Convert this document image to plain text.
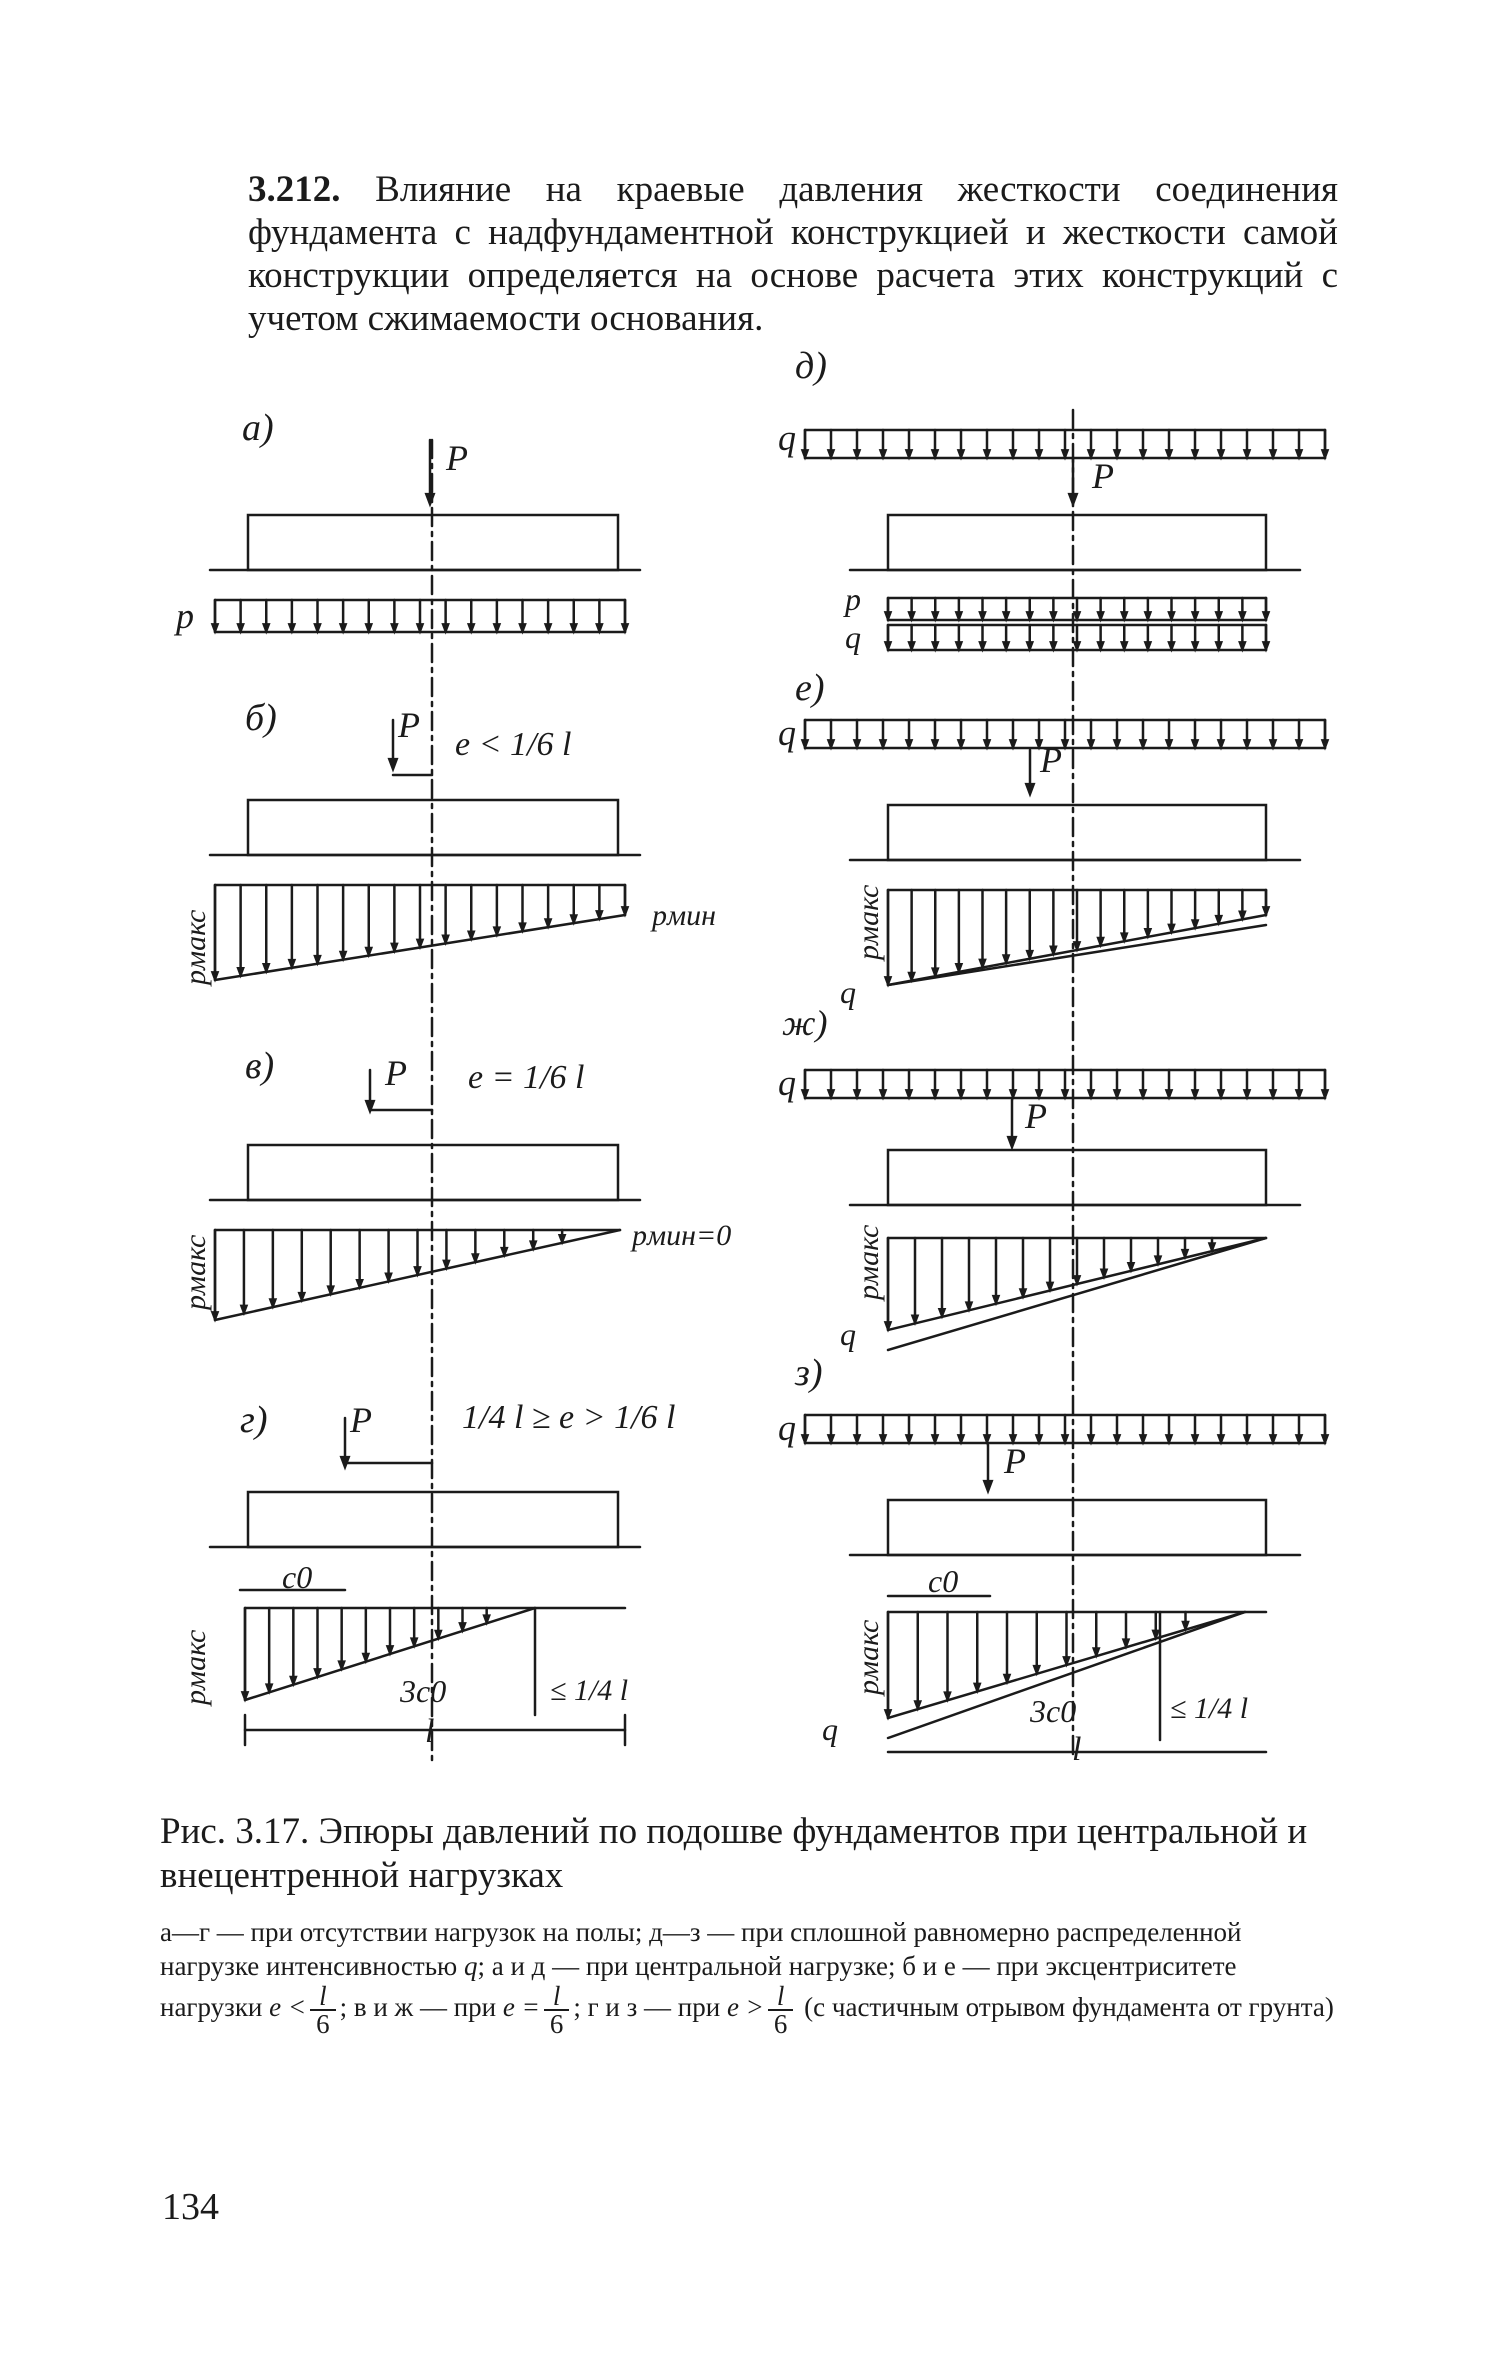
3.212. Влияние на краевые давления жесткости соединения фундамента с надфундаментной конструкцией и жесткости самой конструкции определяется на основе расчета этих конструкций с учетом сжимаемости основания.

а)
б)
в)
г)
д)
е)
ж)
з)
P
p
P e < 1/6 l
pмакс	pмин
P e = 1/6 l
pмакс	pмин=0
P	1/4 l ≥ e > 1/6 l
c0
pмакс	3c0	≤ 1/4 l
l
q
P
p
q
q
P
pмакс
q
q
P
pмакс
q
q
P
c0
pмакс
q	3c0	≤ 1/4 l
l

Рис. 3.17. Эпюры давлений по подошве фундаментов при центральной и внецентренной нагрузках

а—г — при отсутствии нагрузок на полы; д—з — при сплошной равномерно распределенной нагрузке интенсивностью q; а и д — при центральной нагрузке; б и е — при эксцентриситете нагрузки $e < \frac{l}{6}$ ; в и ж — при $e = \frac{l}{6}$ ; г и з — при $e > \frac{l}{6} (с$ частичным отрывом фундамента от грунта)

134
